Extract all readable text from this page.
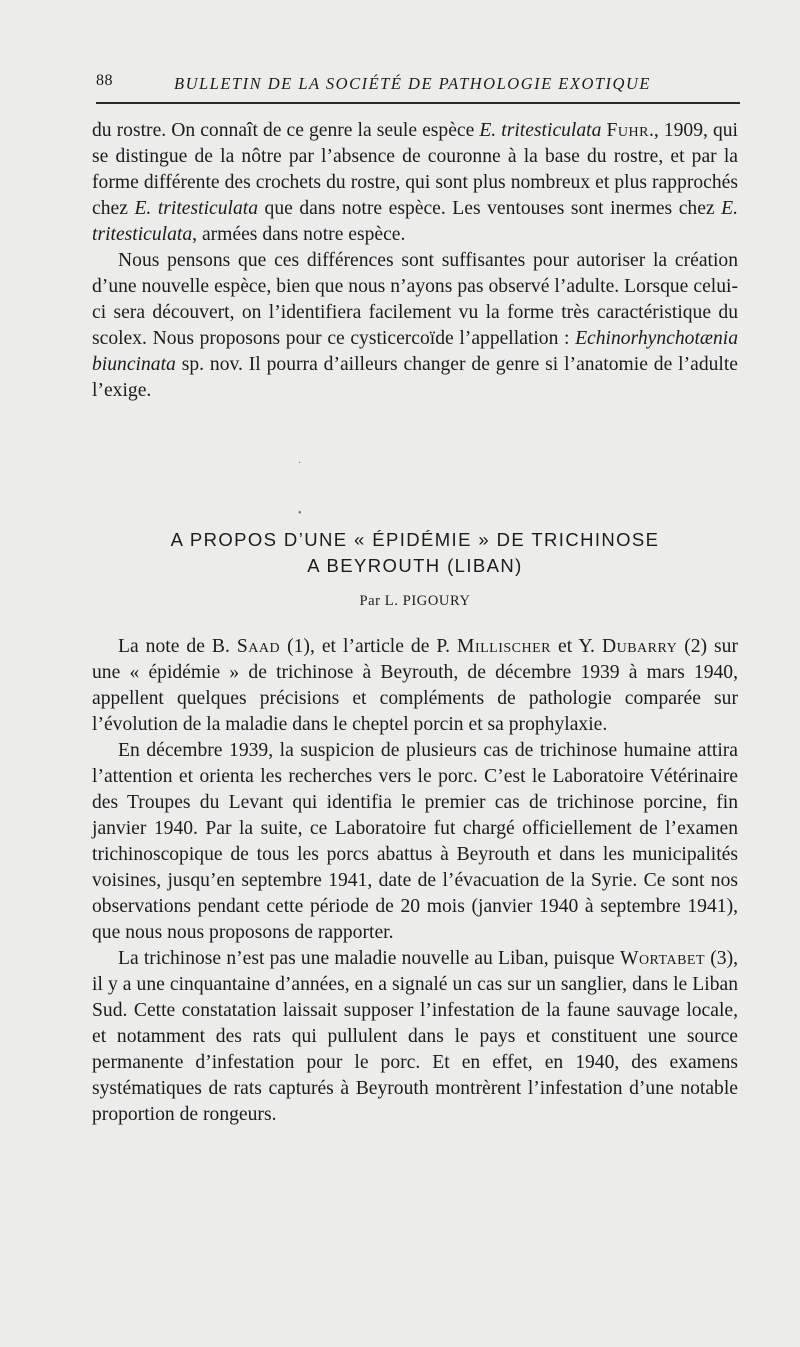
88	BULLETIN DE LA SOCIÉTÉ DE PATHOLOGIE EXOTIQUE

du rostre. On connaît de ce genre la seule espèce E. tritesticulata Fuhr., 1909, qui se distingue de la nôtre par l’absence de couronne à la base du rostre, et par la forme différente des crochets du rostre, qui sont plus nombreux et plus rapprochés chez E. tritesticulata que dans notre espèce. Les ventouses sont inermes chez E. tritesticulata, armées dans notre espèce.

Nous pensons que ces différences sont suffisantes pour autoriser la création d’une nouvelle espèce, bien que nous n’ayons pas observé l’adulte. Lorsque celui-ci sera découvert, on l’identifiera facilement vu la forme très caractéristique du scolex. Nous proposons pour ce cysticercoïde l’appellation : Echinorhynchotænia biuncinata sp. nov. Il pourra d’ailleurs changer de genre si l’anatomie de l’adulte l’exige.

·
•
A PROPOS D’UNE « ÉPIDÉMIE » DE TRICHINOSE
A BEYROUTH (LIBAN)
Par L. PIGOURY

La note de B. Saad (1), et l’article de P. Millischer et Y. Dubarry (2) sur une « épidémie » de trichinose à Beyrouth, de décembre 1939 à mars 1940, appellent quelques précisions et compléments de pathologie comparée sur l’évolution de la maladie dans le cheptel porcin et sa prophylaxie.

En décembre 1939, la suspicion de plusieurs cas de trichinose humaine attira l’attention et orienta les recherches vers le porc. C’est le Laboratoire Vétérinaire des Troupes du Levant qui identifia le premier cas de trichinose porcine, fin janvier 1940. Par la suite, ce Laboratoire fut chargé officiellement de l’examen trichinoscopique de tous les porcs abattus à Beyrouth et dans les municipalités voisines, jusqu’en septembre 1941, date de l’évacuation de la Syrie. Ce sont nos observations pendant cette période de 20 mois (janvier 1940 à septembre 1941), que nous nous proposons de rapporter.

La trichinose n’est pas une maladie nouvelle au Liban, puisque Wortabet (3), il y a une cinquantaine d’années, en a signalé un cas sur un sanglier, dans le Liban Sud. Cette constatation laissait supposer l’infestation de la faune sauvage locale, et notamment des rats qui pullulent dans le pays et constituent une source permanente d’infestation pour le porc. Et en effet, en 1940, des examens systématiques de rats capturés à Beyrouth montrèrent l’infestation d’une notable proportion de rongeurs.
